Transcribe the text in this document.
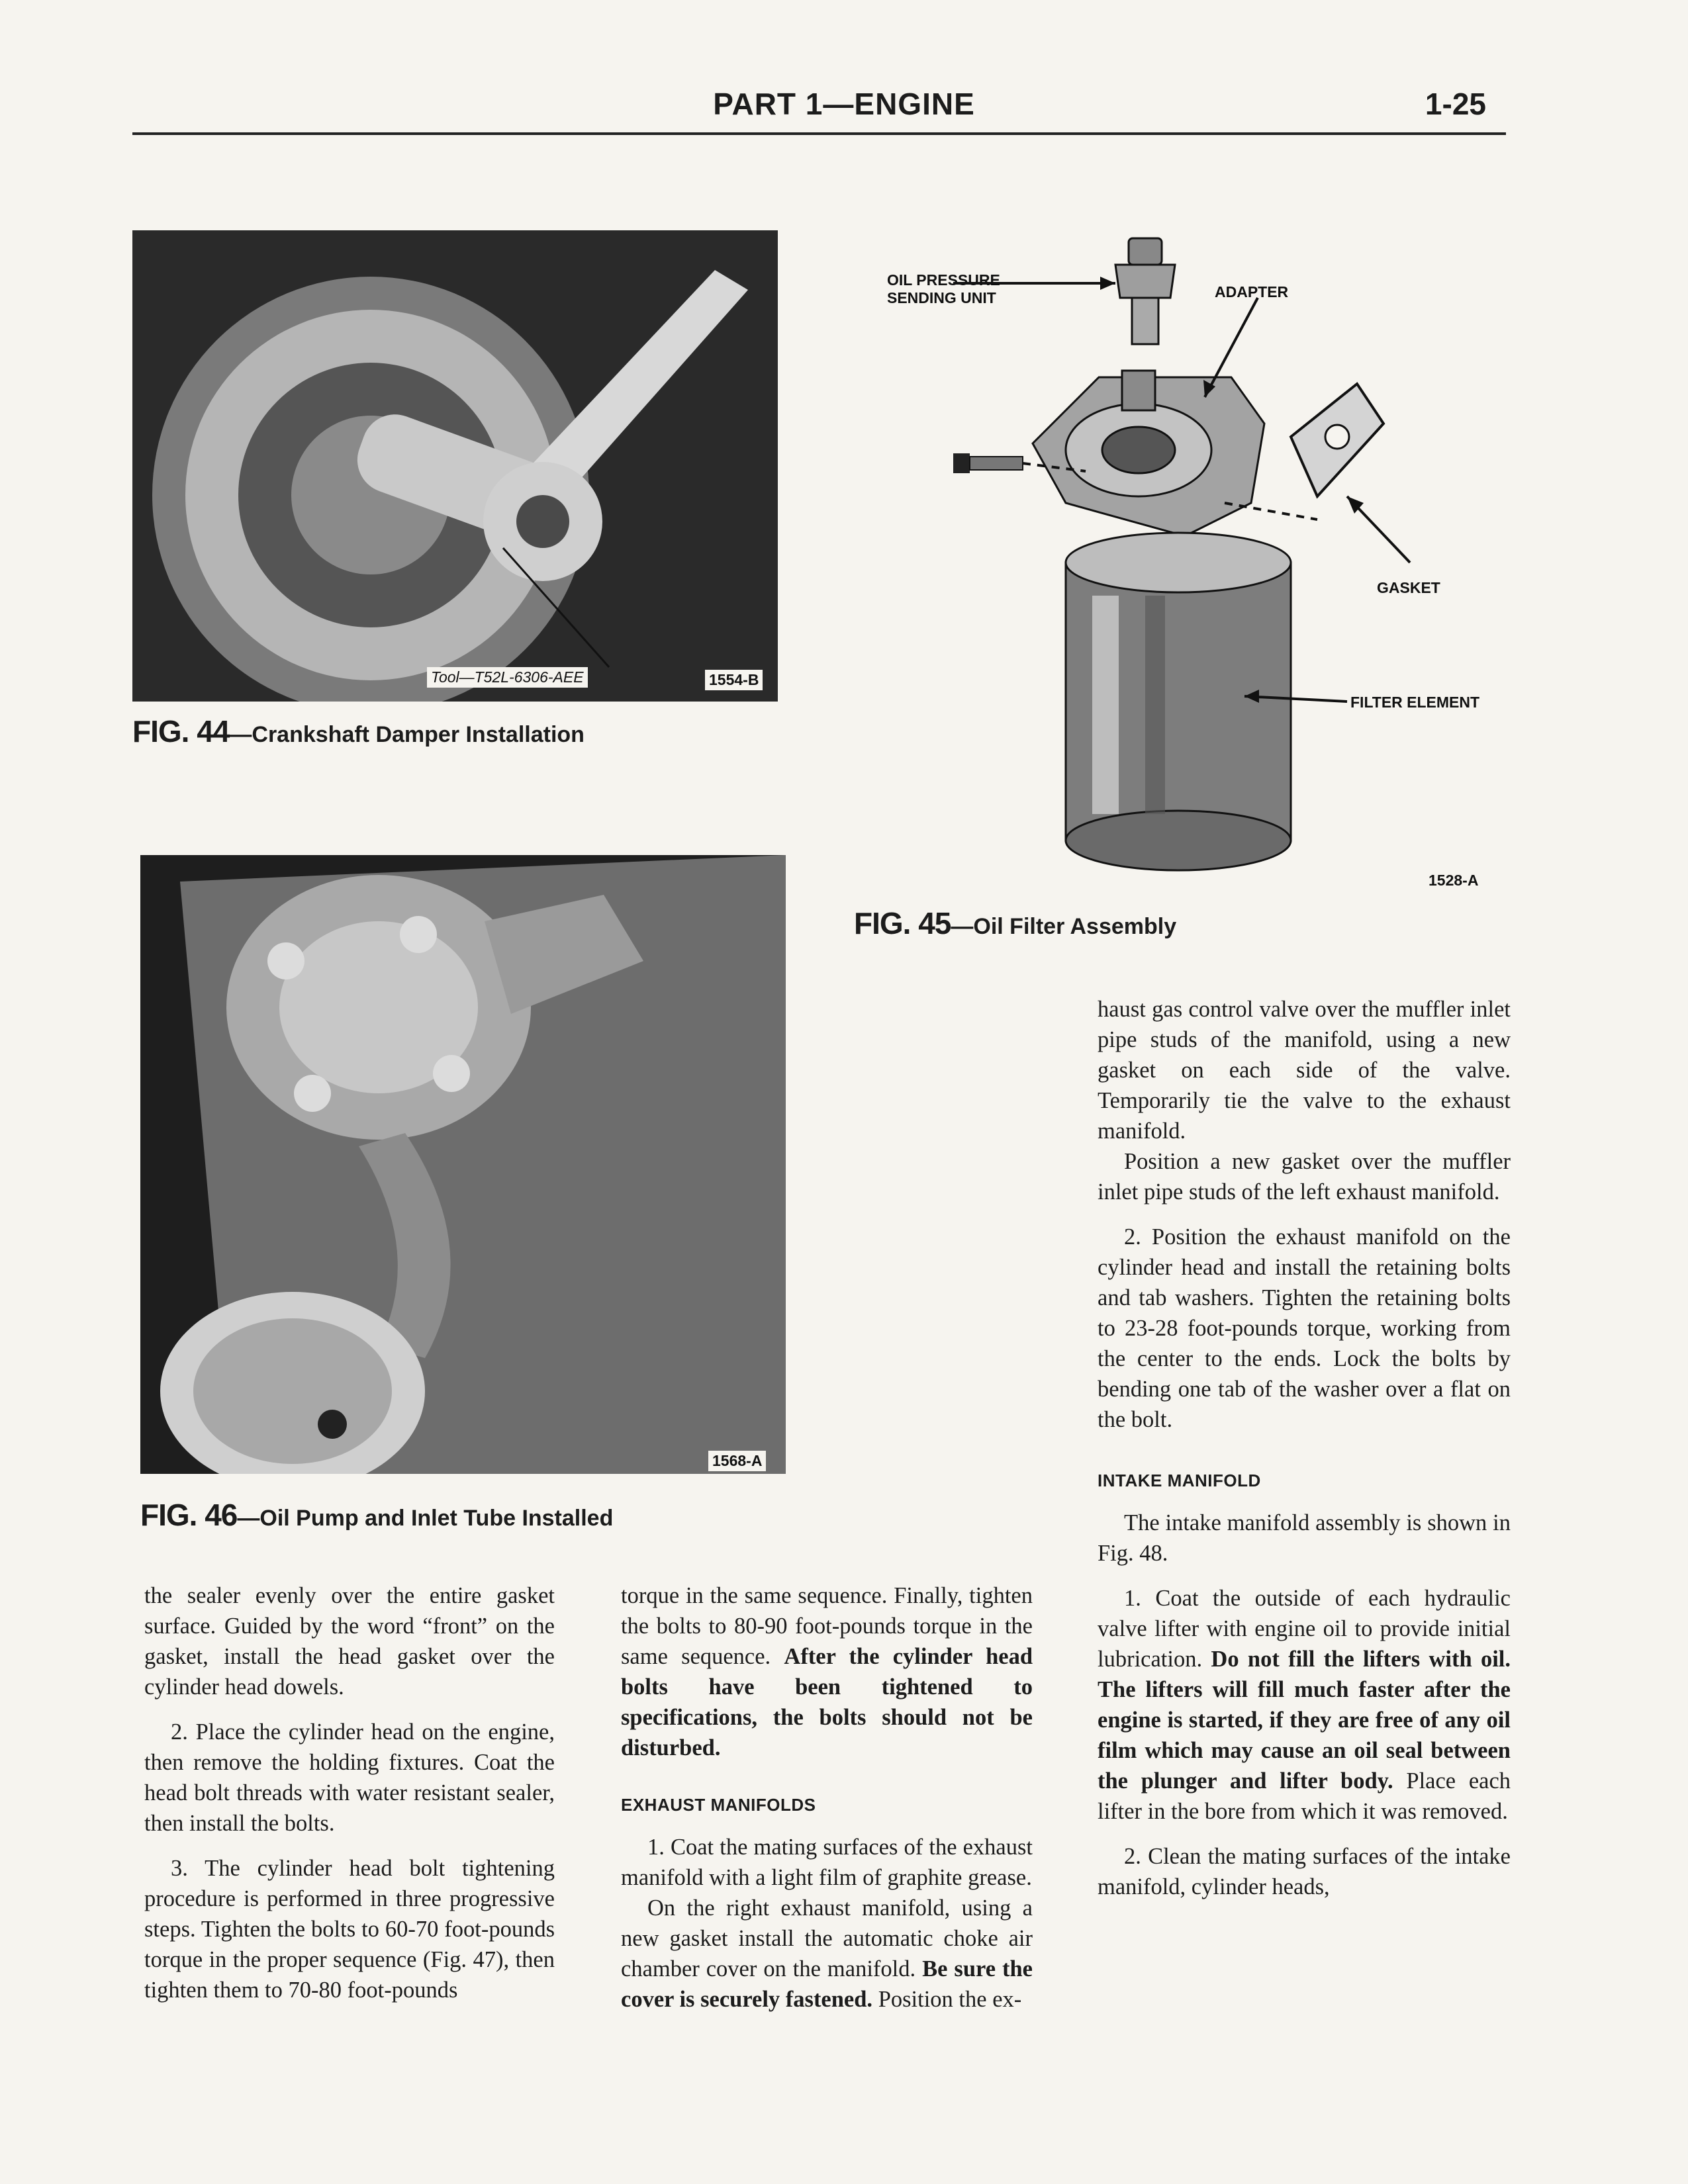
PART 1—ENGINE	1-25
Tool—T52L-6306-AEE	1554-B
FIG. 44—Crankshaft Damper Installation
1568-A
FIG. 46—Oil Pump and Inlet Tube Installed
OIL PRESSURE
SENDING UNIT	ADAPTER
GASKET
FILTER ELEMENT
1528-A
FIG. 45—Oil Filter Assembly

the sealer evenly over the entire gasket surface. Guided by the word “front” on the gasket, install the head gasket over the cylinder head dowels.

2. Place the cylinder head on the engine, then remove the holding fixtures. Coat the head bolt threads with water resistant sealer, then install the bolts.

3. The cylinder head bolt tightening procedure is performed in three progressive steps. Tighten the bolts to 60-70 foot-pounds torque in the proper sequence (Fig. 47), then tighten them to 70-80 foot-pounds

torque in the same sequence. Finally, tighten the bolts to 80-90 foot-pounds torque in the same sequence. After the cylinder head bolts have been tightened to specifications, the bolts should not be disturbed.

EXHAUST MANIFOLDS

1. Coat the mating surfaces of the exhaust manifold with a light film of graphite grease.

On the right exhaust manifold, using a new gasket install the automatic choke air chamber cover on the manifold. Be sure the cover is securely fastened. Position the ex-

haust gas control valve over the muffler inlet pipe studs of the manifold, using a new gasket on each side of the valve. Temporarily tie the valve to the exhaust manifold.

Position a new gasket over the muffler inlet pipe studs of the left exhaust manifold.

2. Position the exhaust manifold on the cylinder head and install the retaining bolts and tab washers. Tighten the retaining bolts to 23-28 foot-pounds torque, working from the center to the ends. Lock the bolts by bending one tab of the washer over a flat on the bolt.

INTAKE MANIFOLD

The intake manifold assembly is shown in Fig. 48.

1. Coat the outside of each hydraulic valve lifter with engine oil to provide initial lubrication. Do not fill the lifters with oil. The lifters will fill much faster after the engine is started, if they are free of any oil film which may cause an oil seal between the plunger and lifter body. Place each lifter in the bore from which it was removed.

2. Clean the mating surfaces of the intake manifold, cylinder heads,
